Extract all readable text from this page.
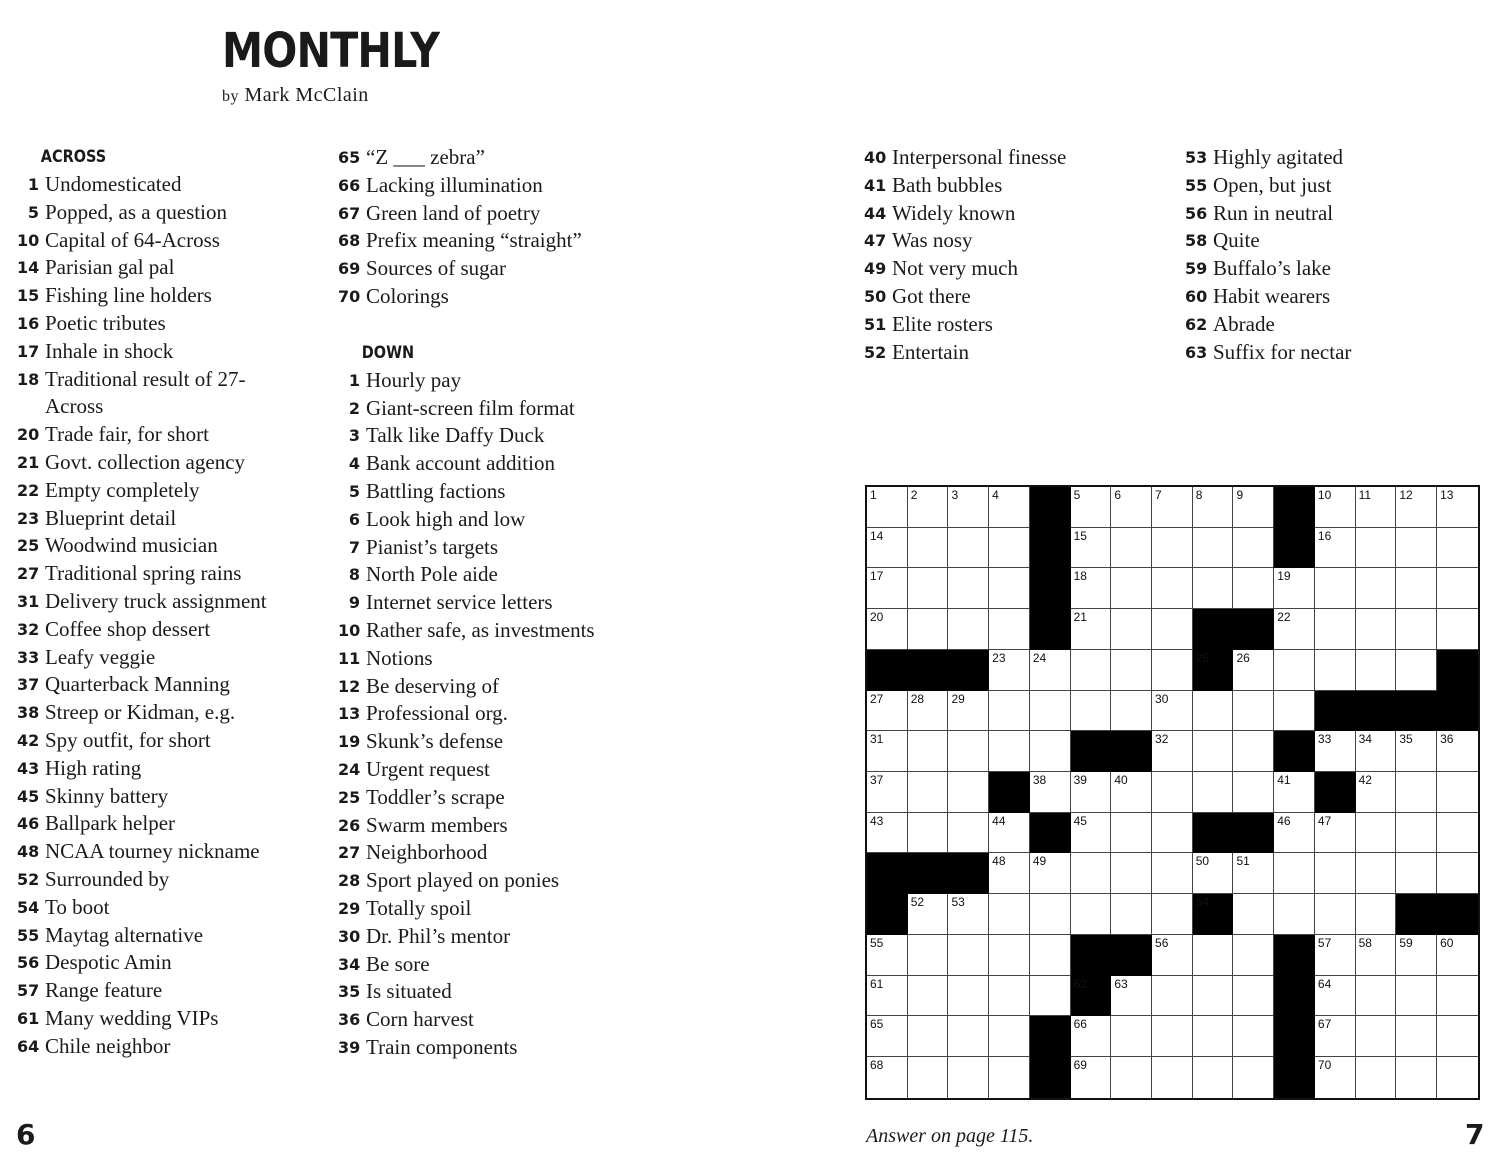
MONTHLY
by Mark McClain
ACROSS
1 Undomesticated
5 Popped, as a question
10 Capital of 64-Across
14 Parisian gal pal
15 Fishing line holders
16 Poetic tributes
17 Inhale in shock
18 Traditional result of 27-Across
20 Trade fair, for short
21 Govt. collection agency
22 Empty completely
23 Blueprint detail
25 Woodwind musician
27 Traditional spring rains
31 Delivery truck assignment
32 Coffee shop dessert
33 Leafy veggie
37 Quarterback Manning
38 Streep or Kidman, e.g.
42 Spy outfit, for short
43 High rating
45 Skinny battery
46 Ballpark helper
48 NCAA tourney nickname
52 Surrounded by
54 To boot
55 Maytag alternative
56 Despotic Amin
57 Range feature
61 Many wedding VIPs
64 Chile neighbor
65 “Z ___ zebra”
66 Lacking illumination
67 Green land of poetry
68 Prefix meaning “straight”
69 Sources of sugar
70 Colorings
DOWN
1 Hourly pay
2 Giant-screen film format
3 Talk like Daffy Duck
4 Bank account addition
5 Battling factions
6 Look high and low
7 Pianist’s targets
8 North Pole aide
9 Internet service letters
10 Rather safe, as investments
11 Notions
12 Be deserving of
13 Professional org.
19 Skunk’s defense
24 Urgent request
25 Toddler’s scrape
26 Swarm members
27 Neighborhood
28 Sport played on ponies
29 Totally spoil
30 Dr. Phil’s mentor
34 Be sore
35 Is situated
36 Corn harvest
39 Train components
40 Interpersonal finesse
41 Bath bubbles
44 Widely known
47 Was nosy
49 Not very much
50 Got there
51 Elite rosters
52 Entertain
53 Highly agitated
55 Open, but just
56 Run in neutral
58 Quite
59 Buffalo’s lake
60 Habit wearers
62 Abrade
63 Suffix for nectar
1	2	3	4	5	6	7	8	9	10 11 12 13
14	15	16
17	18	19
20	21	22
23 24	25 26
27 28 29	30
31	32	33 34 35 36
37	38 39 40	41	42
43	44	45	46 47
48 49	50 51
52 53	54
55	56	57 58 59 60
61	62 63	64
65	66	67
68	69	70
6	Answer on page 115.	7
